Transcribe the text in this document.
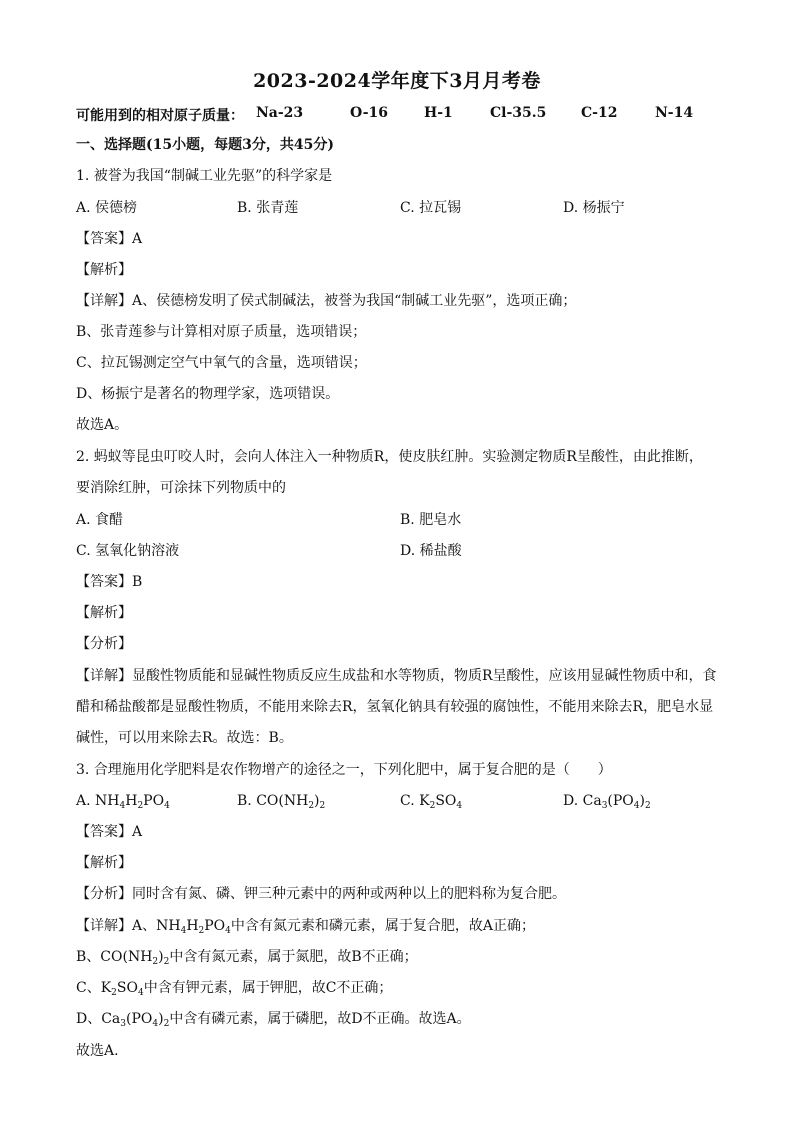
2023-2024学年度下3月月考卷
可能用到的相对原子质量： Na-23	O-16	H-1	Cl-35.5 C-12	N-14
一、选择题(15小题，每题3分，共45分)
1. 被誉为我国“制碱工业先驱”的科学家是
A. 侯德榜	B. 张青莲	C. 拉瓦锡	D. 杨振宁
【答案】A
【解析】
【详解】A、侯德榜发明了侯式制碱法，被誉为我国“制碱工业先驱”，选项正确；
B、张青莲参与计算相对原子质量，选项错误；
C、拉瓦锡测定空气中氧气的含量，选项错误；
D、杨振宁是著名的物理学家，选项错误。
故选A。
2. 蚂蚁等昆虫叮咬人时，会向人体注入一种物质R，使皮肤红肿。实验测定物质R呈酸性，由此推断，
要消除红肿，可涂抹下列物质中的
A. 食醋	B. 肥皂水
C. 氢氧化钠溶液	D. 稀盐酸
【答案】B
【解析】
【分析】
【详解】显酸性物质能和显碱性物质反应生成盐和水等物质，物质R呈酸性，应该用显碱性物质中和，食
醋和稀盐酸都是显酸性物质，不能用来除去R，氢氧化钠具有较强的腐蚀性，不能用来除去R，肥皂水显
碱性，可以用来除去R。故选：B。
3. 合理施用化学肥料是农作物增产的途径之一，下列化肥中，属于复合肥的是（　　）
A. $NH_4H_2PO_4$	B. $CO(NH_2)_2$	C. $K_2SO_4$	D. $Ca_3(PO_4)_2$
【答案】A
【解析】
【分析】同时含有氮、磷、钾三种元素中的两种或两种以上的肥料称为复合肥。
【详解】A、$NH_4H_2PO_4$中含有氮元素和磷元素，属于复合肥，故A正确；
B、$CO(NH_2)_2$中含有氮元素，属于氮肥，故B不正确；
C、$K_2SO_4$中含有钾元素，属于钾肥，故C不正确；
D、$Ca_3(PO_4)_2$中含有磷元素，属于磷肥，故D不正确。故选A。
故选A.
